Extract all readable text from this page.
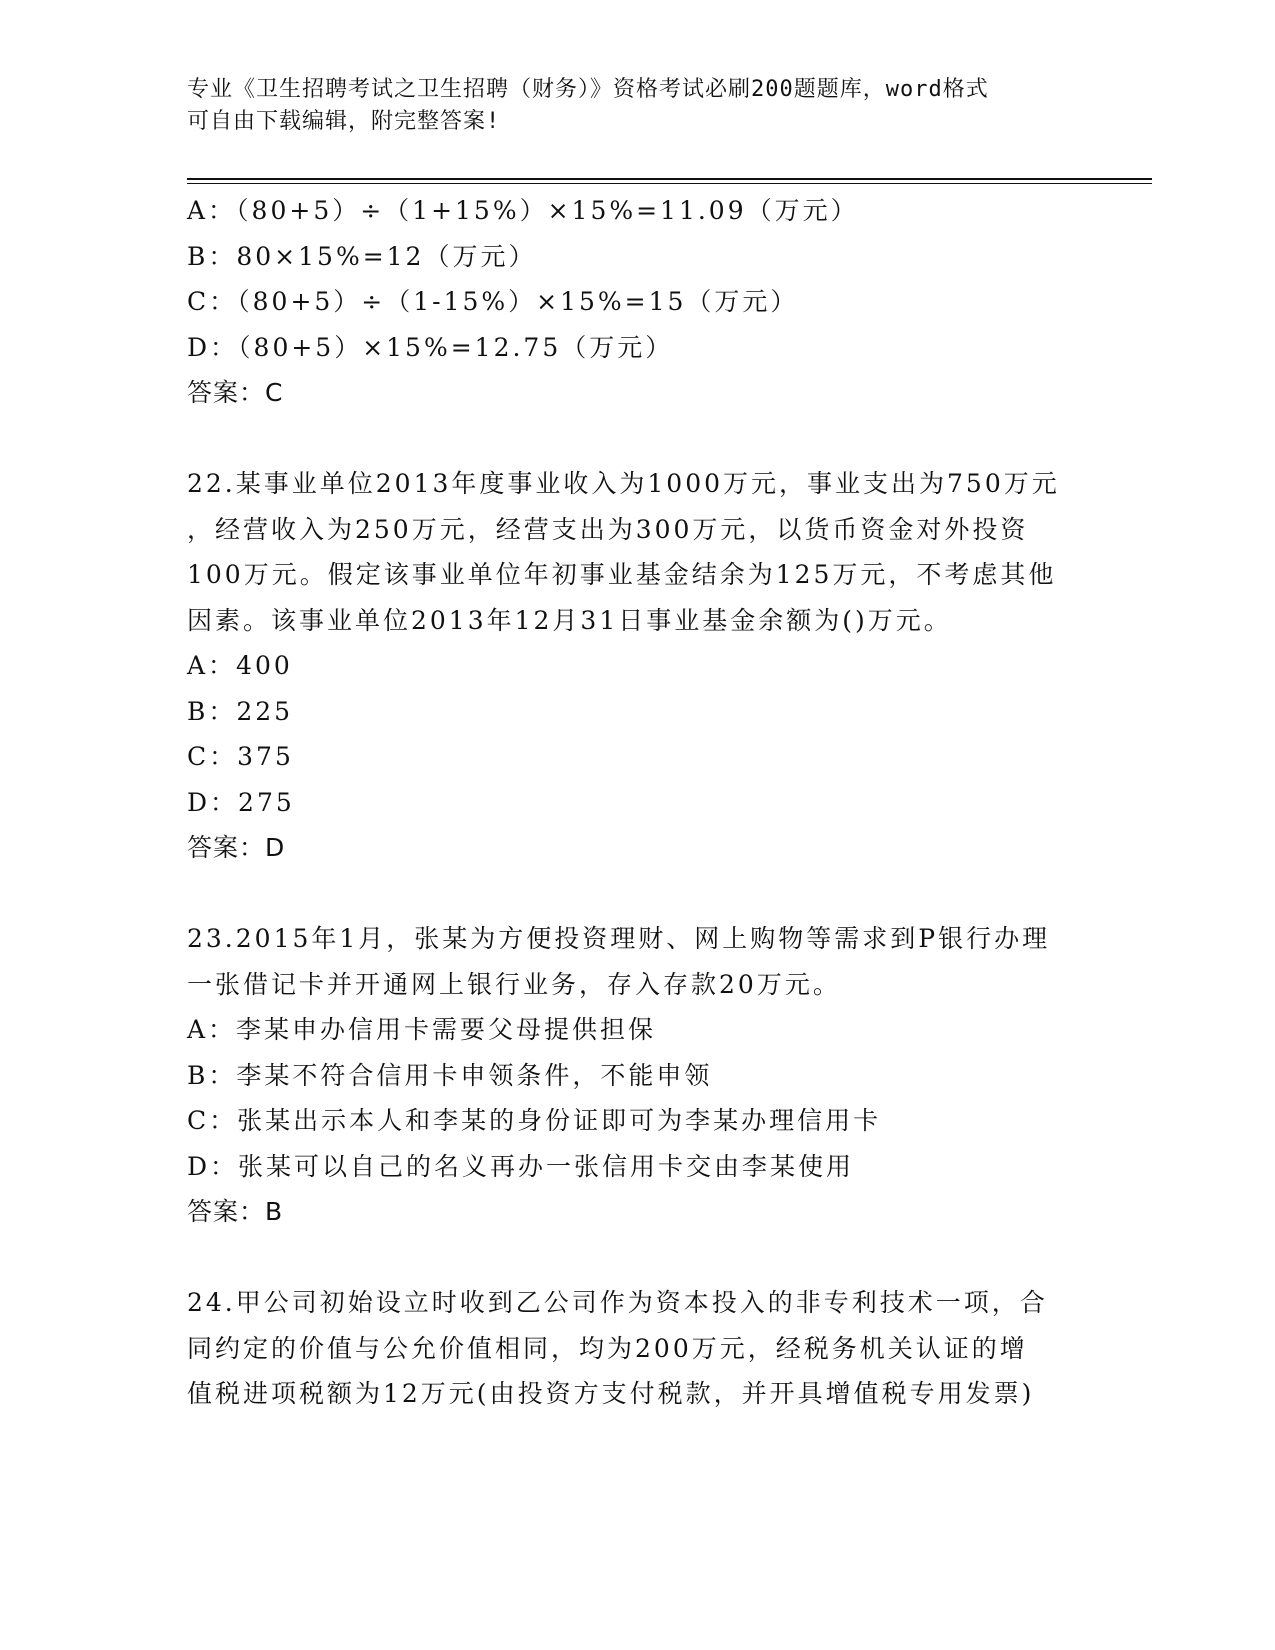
专业《卫生招聘考试之卫生招聘（财务）》资格考试必刷200题题库，word格式
可自由下载编辑，附完整答案!
A：（80+5）÷（1+15%）×15%=11.09（万元）
B：80×15%=12（万元）
C：（80+5）÷（1-15%）×15%=15（万元）
D：（80+5）×15%=12.75（万元）
答案：C
22.某事业单位2013年度事业收入为1000万元，事业支出为750万元
，经营收入为250万元，经营支出为300万元，以货币资金对外投资
100万元。假定该事业单位年初事业基金结余为125万元，不考虑其他
因素。该事业单位2013年12月31日事业基金余额为()万元。
A：400
B：225
C：375
D：275
答案：D
23.2015年1月，张某为方便投资理财、网上购物等需求到P银行办理
一张借记卡并开通网上银行业务，存入存款20万元。
A：李某申办信用卡需要父母提供担保
B：李某不符合信用卡申领条件，不能申领
C：张某出示本人和李某的身份证即可为李某办理信用卡
D：张某可以自己的名义再办一张信用卡交由李某使用
答案：B
24.甲公司初始设立时收到乙公司作为资本投入的非专利技术一项，合
同约定的价值与公允价值相同，均为200万元，经税务机关认证的增
值税进项税额为12万元(由投资方支付税款，并开具增值税专用发票)
